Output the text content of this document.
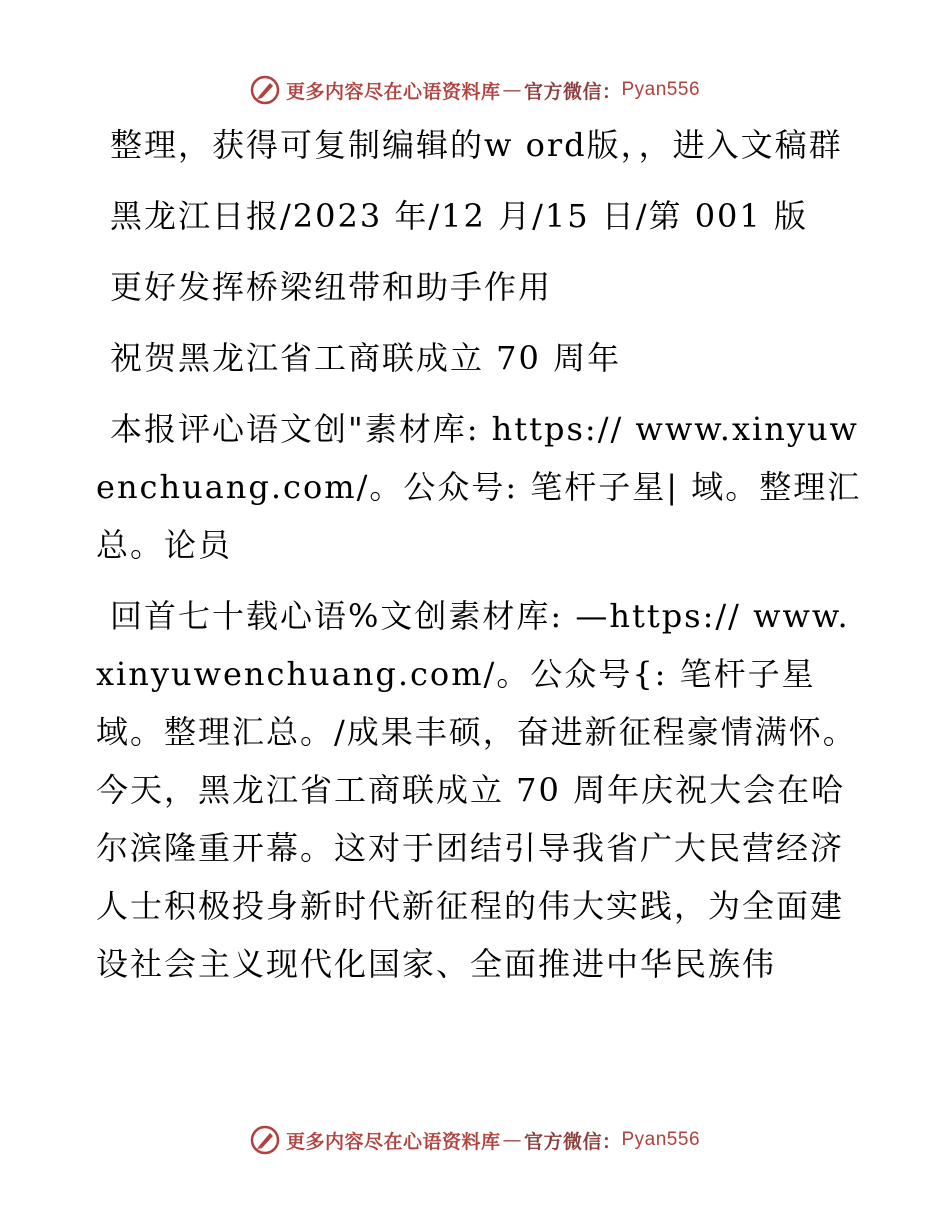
更多内容尽在心语资料库 — 官方微信： Pyan556

整理，获得可复制编辑的w ord版，，进入文稿群

黑龙江日报/2023 年/12 月/15 日/第 001 版

更好发挥桥梁纽带和助手作用

祝贺黑龙江省工商联成立 70 周年

本报评心语文创"素材库: https:// www.xinyuwenchuang.com/。公众号: 笔杆子星| 域。整理汇总。论员

回首七十载心语%文创素材库: —https:// www.xinyuwenchuang.com/。公众号{: 笔杆子星域。整理汇总。/成果丰硕，奋进新征程豪情满怀。今天，黑龙江省工商联成立 70 周年庆祝大会在哈尔滨隆重开幕。这对于团结引导我省广大民营经济人士积极投身新时代新征程的伟大实践，为全面建设社会主义现代化国家、全面推进中华民族伟

更多内容尽在心语资料库 — 官方微信： Pyan556
